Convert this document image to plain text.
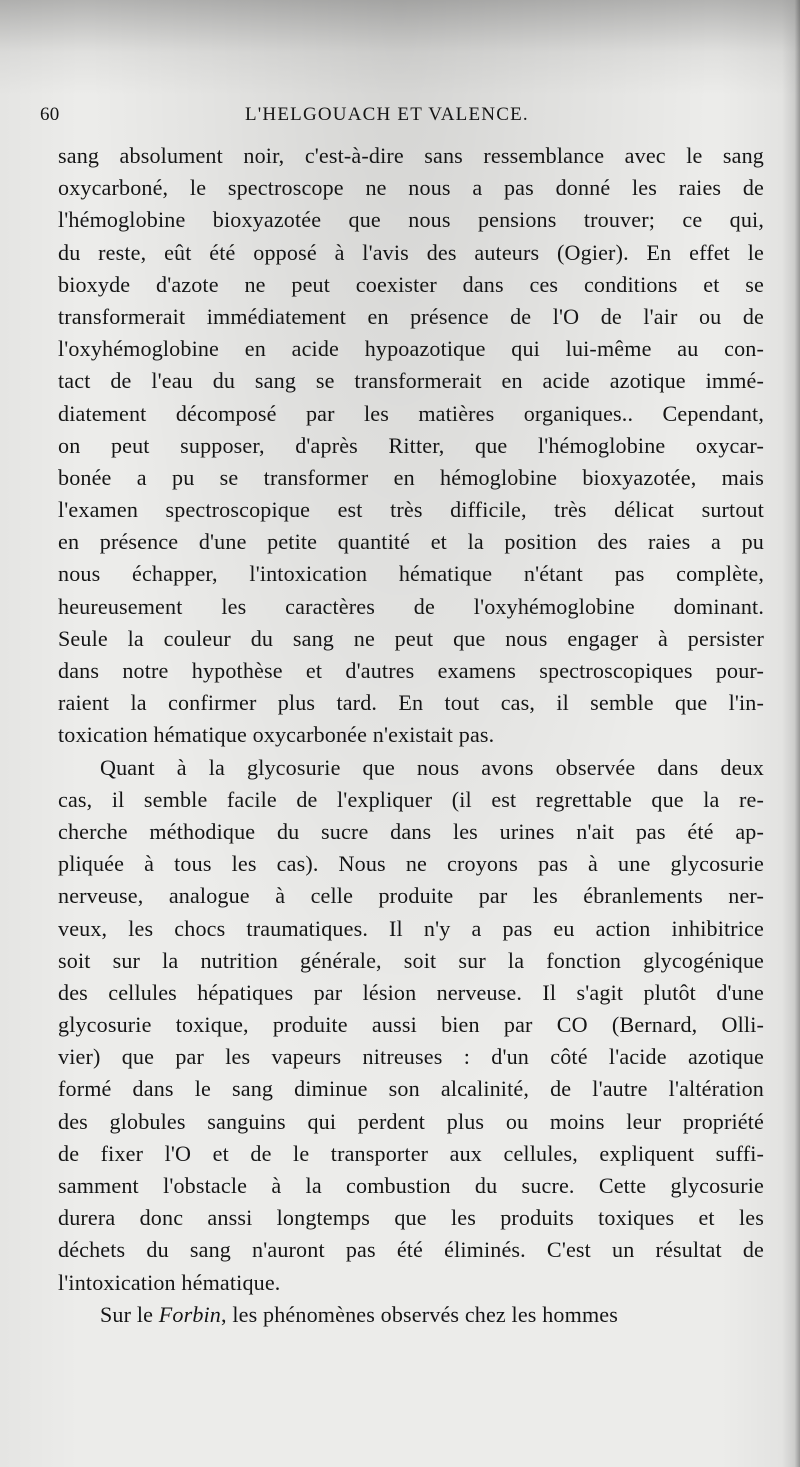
60	L'HELGOUACH ET VALENCE.
sang absolument noir, c'est-à-dire sans ressemblance avec le sang
oxycarboné, le spectroscope ne nous a pas donné les raies de
l'hémoglobine bioxyazotée que nous pensions trouver; ce qui,
du reste, eût été opposé à l'avis des auteurs (Ogier). En effet le
bioxyde d'azote ne peut coexister dans ces conditions et se
transformerait immédiatement en présence de l'O de l'air ou de
l'oxyhémoglobine en acide hypoazotique qui lui-même au con-
tact de l'eau du sang se transformerait en acide azotique immé-
diatement décomposé par les matières organiques.. Cependant,
on peut supposer, d'après Ritter, que l'hémoglobine oxycar-
bonée a pu se transformer en hémoglobine bioxyazotée, mais
l'examen spectroscopique est très difficile, très délicat surtout
en présence d'une petite quantité et la position des raies a pu
nous échapper, l'intoxication hématique n'étant pas complète,
heureusement les caractères de l'oxyhémoglobine dominant.
Seule la couleur du sang ne peut que nous engager à persister
dans notre hypothèse et d'autres examens spectroscopiques pour-
raient la confirmer plus tard. En tout cas, il semble que l'in-
toxication hématique oxycarbonée n'existait pas.
Quant à la glycosurie que nous avons observée dans deux
cas, il semble facile de l'expliquer (il est regrettable que la re-
cherche méthodique du sucre dans les urines n'ait pas été ap-
pliquée à tous les cas). Nous ne croyons pas à une glycosurie
nerveuse, analogue à celle produite par les ébranlements ner-
veux, les chocs traumatiques. Il n'y a pas eu action inhibitrice
soit sur la nutrition générale, soit sur la fonction glycogénique
des cellules hépatiques par lésion nerveuse. Il s'agit plutôt d'une
glycosurie toxique, produite aussi bien par CO (Bernard, Olli-
vier) que par les vapeurs nitreuses : d'un côté l'acide azotique
formé dans le sang diminue son alcalinité, de l'autre l'altération
des globules sanguins qui perdent plus ou moins leur propriété
de fixer l'O et de le transporter aux cellules, expliquent suffi-
samment l'obstacle à la combustion du sucre. Cette glycosurie
durera donc anssi longtemps que les produits toxiques et les
déchets du sang n'auront pas été éliminés. C'est un résultat de
l'intoxication hématique.
Sur le Forbin, les phénomènes observés chez les hommes
